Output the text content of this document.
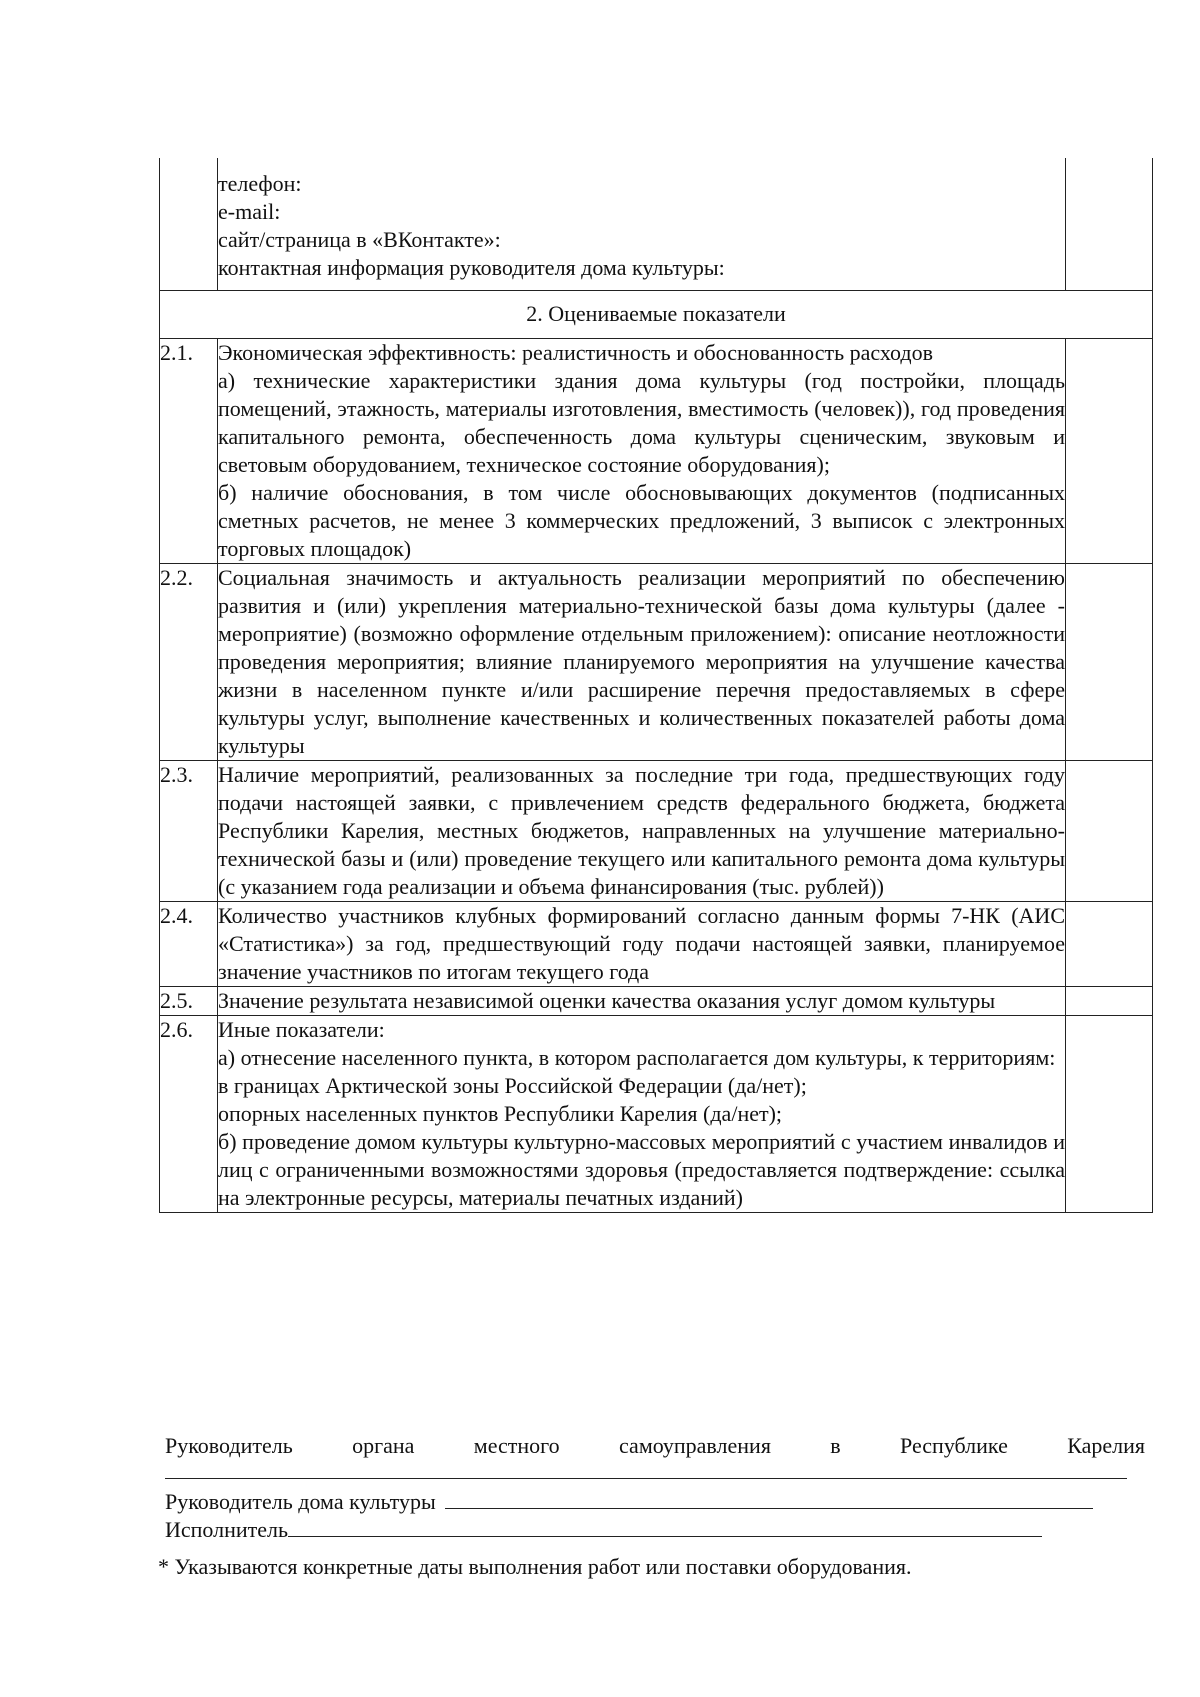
	телефон:
e-mail:
сайт/страница в «ВКонтакте»:
контактная информация руководителя дома культуры:	

2. Оцениваемые показатели		
2.1.	Экономическая эффективность: реалистичность и обоснованность расходов
а) технические характеристики здания дома культуры (год постройки, площадь помещений, этажность, материалы изготовления, вместимость (человек)), год проведения капитального ремонта, обеспеченность дома культуры сценическим, звуковым и световым оборудованием, техническое состояние оборудования);
б) наличие обоснования, в том числе обосновывающих документов (подписанных сметных расчетов, не менее 3 коммерческих предложений, 3 выписок с электронных торговых площадок)	

2.2.	Социальная значимость и актуальность реализации мероприятий по обеспечению развития и (или) укрепления материально-технической базы дома культуры (далее - мероприятие) (возможно оформление отдельным приложением): описание неотложности проведения мероприятия; влияние планируемого мероприятия на улучшение качества жизни в населенном пункте и/или расширение перечня предоставляемых в сфере культуры услуг, выполнение качественных и количественных показателей работы дома культуры	

2.3.	Наличие мероприятий, реализованных за последние три года, предшествующих году подачи настоящей заявки, с привлечением средств федерального бюджета, бюджета Республики Карелия, местных бюджетов, направленных на улучшение материально-технической базы и (или) проведение текущего или капитального ремонта дома культуры (с указанием года реализации и объема финансирования (тыс. рублей))	

2.4.	Количество участников клубных формирований согласно данным формы 7-НК (АИС «Статистика») за год, предшествующий году подачи настоящей заявки, планируемое значение участников по итогам текущего года	

2.5.	Значение результата независимой оценки качества оказания услуг домом культуры	

2.6.	Иные показатели:
а) отнесение населенного пункта, в котором располагается дом культуры, к территориям:
в границах Арктической зоны Российской Федерации (да/нет);
опорных населенных пунктов Республики Карелия (да/нет);
б) проведение домом культуры культурно-массовых мероприятий с участием инвалидов и лиц с ограниченными возможностями здоровья (предоставляется подтверждение: ссылка на электронные ресурсы, материалы печатных изданий)	

Руководитель	органа	местного	самоуправления	в	Республике	Карелия
Руководитель дома культуры
Исполнитель
* Указываются конкретные даты выполнения работ или поставки оборудования.
